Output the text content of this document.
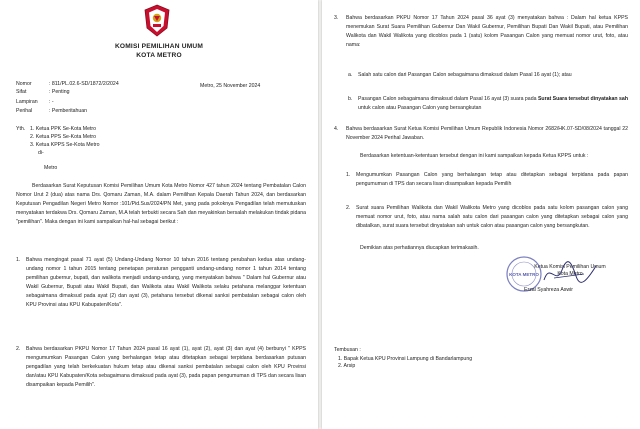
KOMISI PEMILIHAN UMUM
KOTA METRO
Nomor	: 811/PL.02.6-SD/1872/2/2024
Sifat	: Penting
Lampiran : -
Perihal	: Pemberitahuan
Metro, 25 November 2024
Yth. 1. Ketua PPK Se-Kota Metro
2. Ketua PPS Se-Kota Metro
3. Ketua KPPS Se-Kota Metro
di-
Metro
Berdasarkan Surat Keputusan Komisi Pemilihan Umum Kota Metro Nomor 427 tahun 2024 tentang Pembatalan Calon Nomor Urut 2 (dua) atas nama Drs. Qomaru Zaman, M.A. dalam Pemilihan Kepala Daerah Tahun 2024, dan berdasarkan Keputusan Pengadilan Negeri Metro Nomor :101/Pid.Sus/2024/PN Met, yang pada pokoknya Pengadilan telah memutuskan menyatakan terdakwa Drs. Qomaru Zaman, M.A telah terbukti secara Sah dan meyakinkan bersalah melakukan tindak pidana "pemilihan". Maka dengan ini kami sampaikan hal-hal sebagai berikut :
1. Bahwa mengingat pasal 71 ayat (5) Undang-Undang Nomor 10 tahun 2016 tentang perubahan kedua atas undang-undang nomor 1 tahun 2015 tentang penetapan peraturan pengganti undang-undang nomor 1 tahun 2014 tentang pemilihan gubernur, bupati, dan walikota menjadi undang-undang, yang menyatakan bahwa " Dalam hal Gubernur atau Wakil Gubernur, Bupati atau Wakil Bupati, dan Walikota atau Wakil Walikota selaku petahana melanggar ketentuan sebagaimana dimaksud pada ayat (2) dan ayat (3), petahana tersebut dikenai sanksi pembatalan sebagai calon oleh KPU Provinsi atau KPU Kabupaten/Kota".
2. Bahwa berdasarkan PKPU Nomor 17 Tahun 2024 pasal 16 ayat (1), ayat (2), ayat (3) dan ayat (4) berbunyi " KPPS mengumumkan Pasangan Calon yang berhalangan tetap atau ditetapkan sebagai terpidana berdasarkan putusan pengadilan yang telah berkekuatan hukum tetap atau dikenai sanksi pembatalan sebagai calon oleh KPU Provinsi dan/atau KPU Kabupaten/Kota sebagaimana dimaksud pada ayat (3), pada papan pengumuman di TPS dan secara lisan disampaikan kepada Pemilih".
3. Bahwa berdasarkan PKPU Nomor 17 Tahun 2024 pasal 36 ayat (3) menyatakan bahwa : Dalam hal ketua KPPS menemukan Surat Suara Pemilihan Gubernur Dan Wakil Gubernur, Pemilihan Bupati Dan Wakil Bupati, atau Pemilihan Walikota dan Wakil Walikota yang dicoblos pada 1 (satu) kolom Pasangan Calon yang memuat nomor urut, foto, atau nama:
a. Salah satu calon dari Pasangan Calon sebagaimana dimaksud dalam Pasal 16 ayat (1); atau
b. Pasangan Calon sebagaimana dimaksud dalam Pasal 16 ayat (3) suara pada Surat Suara tersebut dinyatakan sah untuk calon atau Pasangan Calon yang bersangkutan
4. Bahwa berdasarkan Surat Ketua Komisi Pemilihan Umum Republik Indonesia Nomor 2682/HK.07-SD/08/2024 tanggal 22 November 2024 Perihal Jawaban.
Berdasarkan ketentuan-ketentuan tersebut dengan ini kami sampaikan kepada Ketua KPPS untuk :
1. Mengumumkan Pasangan Calon yang berhalangan tetap atau ditetapkan sebagai terpidana pada papan pengumuman di TPS dan secara lisan disampaikan kepada Pemilih
2. Surat suara Pemilihan Walikota dan Wakil Walikota Metro yang dicoblos pada satu kolom pasangan calon yang memuat nomor urut, foto, atau nama salah satu calon dari pasangan calon yang ditetapkan sebagai calon yang dibatalkan, surat suara tersebut dinyatakan sah untuk calon atau pasangan calon yang bersangkutan.
Demikian atas perhatiannya diucapkan terimakasih.
Ketua Komisi Pemilihan Umum
Kota Metro
KOTA METRO
Erzal Syahreza Aswir
Tembusan :
1. Bapak Ketua KPU Provinsi Lampung di Bandarlampung
2. Arsip
